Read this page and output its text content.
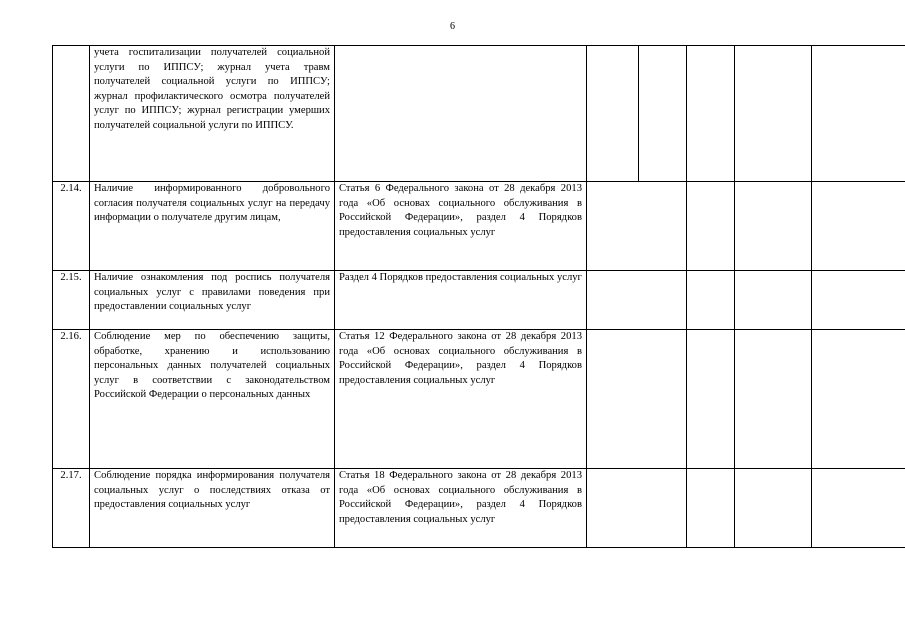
6
	учета госпитализации получателей социальной услуги по ИППСУ; журнал учета травм получателей социальной услуги по ИППСУ; журнал профилактического осмотра получателей услуг по ИППСУ; журнал регистрации умерших получателей социальной услуги по ИППСУ.		

2.14.	Наличие информированного добровольного согласия получателя социальных услуг на передачу информации о получателе другим лицам,	Статья 6 Федерального закона от 28 декабря 2013 года «Об основах социального обслуживания в Российской Федерации», раздел 4 Порядков предоставления социальных услуг				
2.15.	Наличие ознакомления под роспись получателя социальных услуг с правилами поведения при предоставлении социальных услуг	Раздел 4 Порядков предоставления социальных услуг				
2.16.	Соблюдение мер по обеспечению защиты, обработке, хранению и использованию персональных данных получателей социальных услуг в соответствии с законодательством Российской Федерации о персональных данных	Статья 12 Федерального закона от 28 декабря 2013 года «Об основах социального обслуживания в Российской Федерации», раздел 4 Порядков предоставления социальных услуг				
2.17.	Соблюдение порядка информирования получателя социальных услуг о последствиях отказа от предоставления социальных услуг	Статья 18 Федерального закона от 28 декабря 2013 года «Об основах социального обслуживания в Российской Федерации», раздел 4 Порядков предоставления социальных услуг				
